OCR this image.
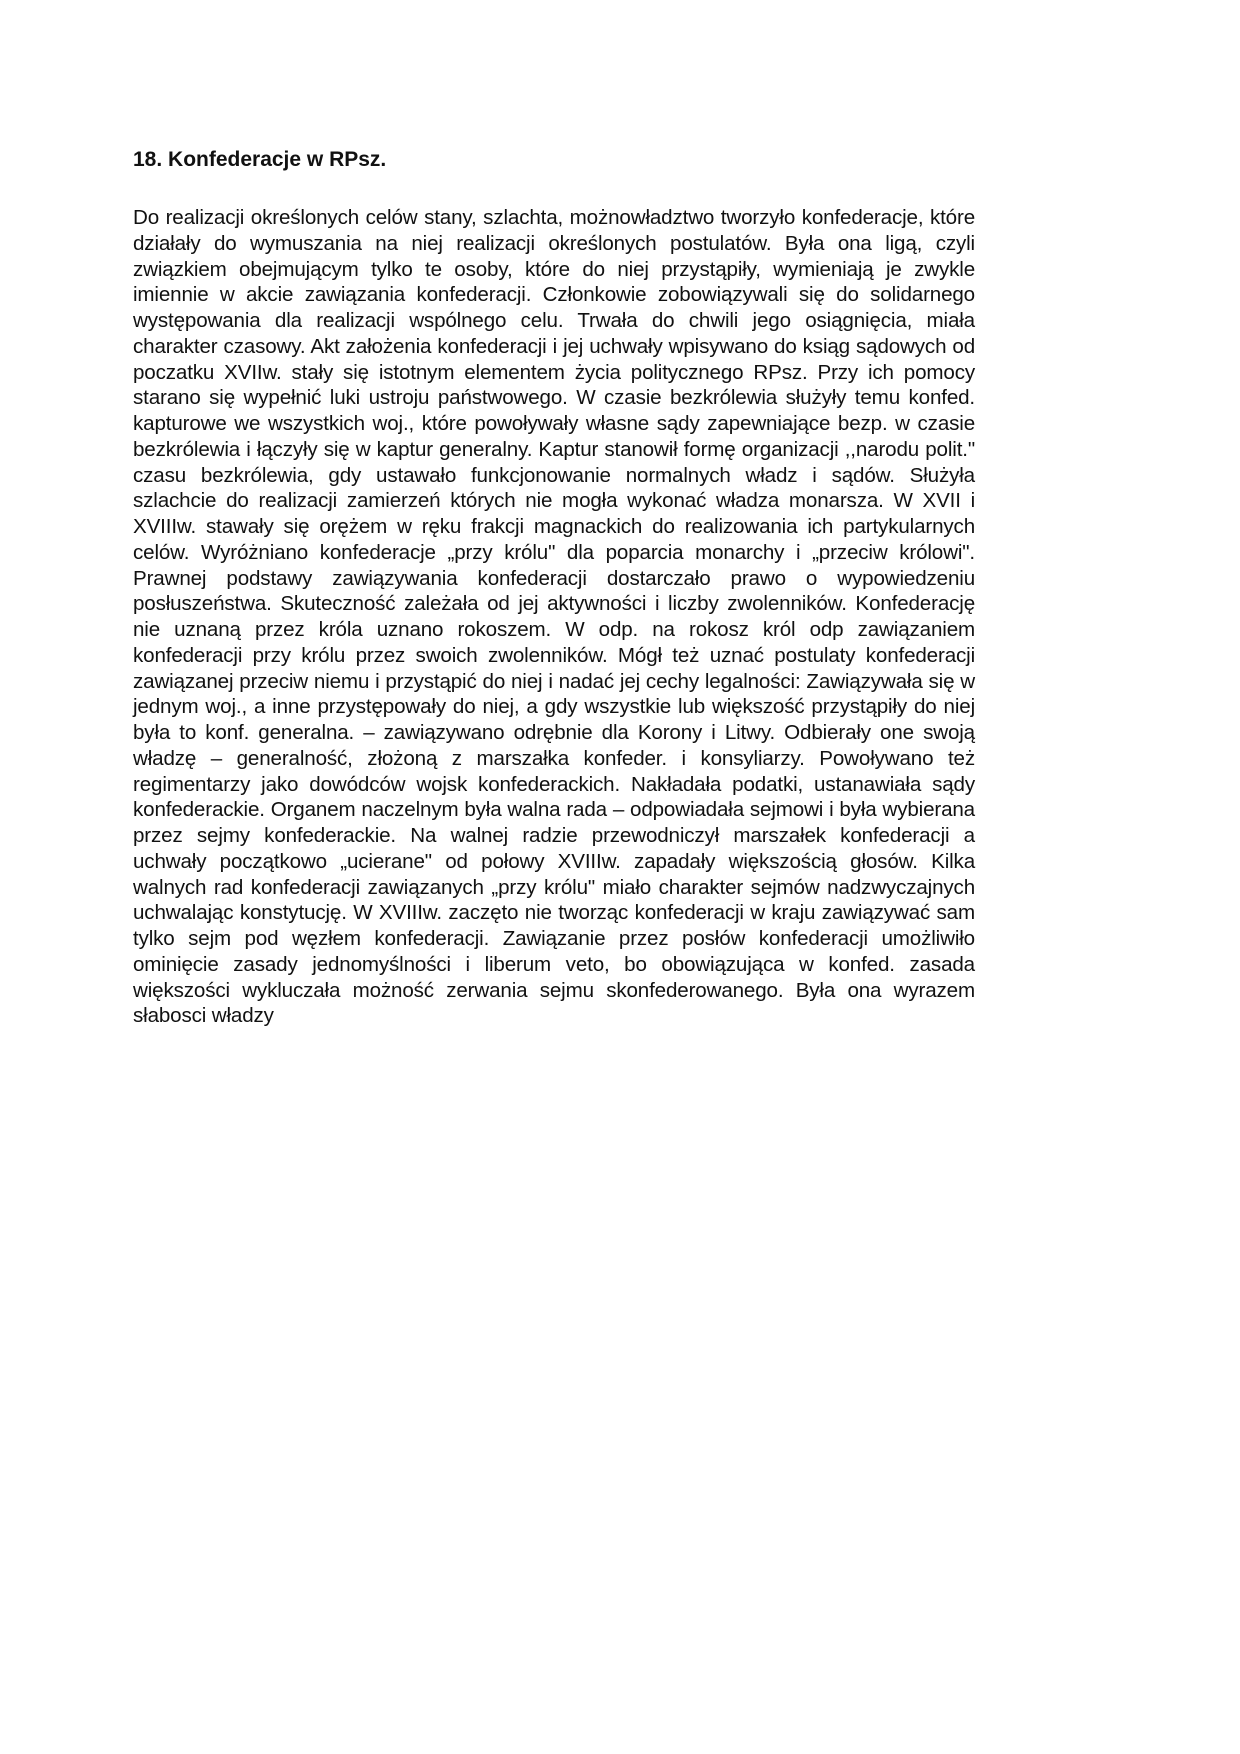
18. Konfederacje w RPsz.

Do realizacji określonych celów stany, szlachta, możnowładztwo tworzyło konfederacje, które działały do wymuszania na niej realizacji określonych postulatów. Była ona ligą, czyli związkiem obejmującym tylko te osoby, które do niej przystąpiły, wymieniają je zwykle imiennie w akcie zawiązania konfederacji. Członkowie zobowiązywali się do solidarnego występowania dla realizacji wspólnego celu. Trwała do chwili jego osiągnięcia, miała charakter czasowy. Akt założenia konfederacji i jej uchwały wpisywano do ksiąg sądowych od poczatku XVIIw. stały się istotnym elementem życia politycznego RPsz. Przy ich pomocy starano się wypełnić luki ustroju państwowego. W czasie bezkrólewia służyły temu konfed. kapturowe we wszystkich woj., które powoływały własne sądy zapewniające bezp. w czasie bezkrólewia i łączyły się w kaptur generalny. Kaptur stanowił formę organizacji ,,narodu polit." czasu bezkrólewia, gdy ustawało funkcjonowanie normalnych władz i sądów. Służyła szlachcie do realizacji zamierzeń których nie mogła wykonać władza monarsza. W XVII i XVIIIw. stawały się orężem w ręku frakcji magnackich do realizowania ich partykularnych celów. Wyróżniano konfederacje „przy królu" dla poparcia monarchy i „przeciw królowi". Prawnej podstawy zawiązywania konfederacji dostarczało prawo o wypowiedzeniu posłuszeństwa. Skuteczność zależała od jej aktywności i liczby zwolenników. Konfederację nie uznaną przez króla uznano rokoszem. W odp. na rokosz król odp zawiązaniem konfederacji przy królu przez swoich zwolenników. Mógł też uznać postulaty konfederacji zawiązanej przeciw niemu i przystąpić do niej i nadać jej cechy legalności: Zawiązywała się w jednym woj., a inne przystępowały do niej, a gdy wszystkie lub większość przystąpiły do niej była to konf. generalna. – zawiązywano odrębnie dla Korony i Litwy. Odbierały one swoją władzę – generalność, złożoną z marszałka konfeder. i konsyliarzy. Powoływano też regimentarzy jako dowódców wojsk konfederackich. Nakładała podatki, ustanawiała sądy konfederackie. Organem naczelnym była walna rada – odpowiadała sejmowi i była wybierana przez sejmy konfederackie. Na walnej radzie przewodniczył marszałek konfederacji a uchwały początkowo „ucierane" od połowy XVIIIw. zapadały większością głosów. Kilka walnych rad konfederacji zawiązanych „przy królu" miało charakter sejmów nadzwyczajnych uchwalając konstytucję. W XVIIIw. zaczęto nie tworząc konfederacji w kraju zawiązywać sam tylko sejm pod węzłem konfederacji. Zawiązanie przez posłów konfederacji umożliwiło ominięcie zasady jednomyślności i liberum veto, bo obowiązująca w konfed. zasada większości wykluczała możność zerwania sejmu skonfederowanego. Była ona wyrazem słabosci władzy
